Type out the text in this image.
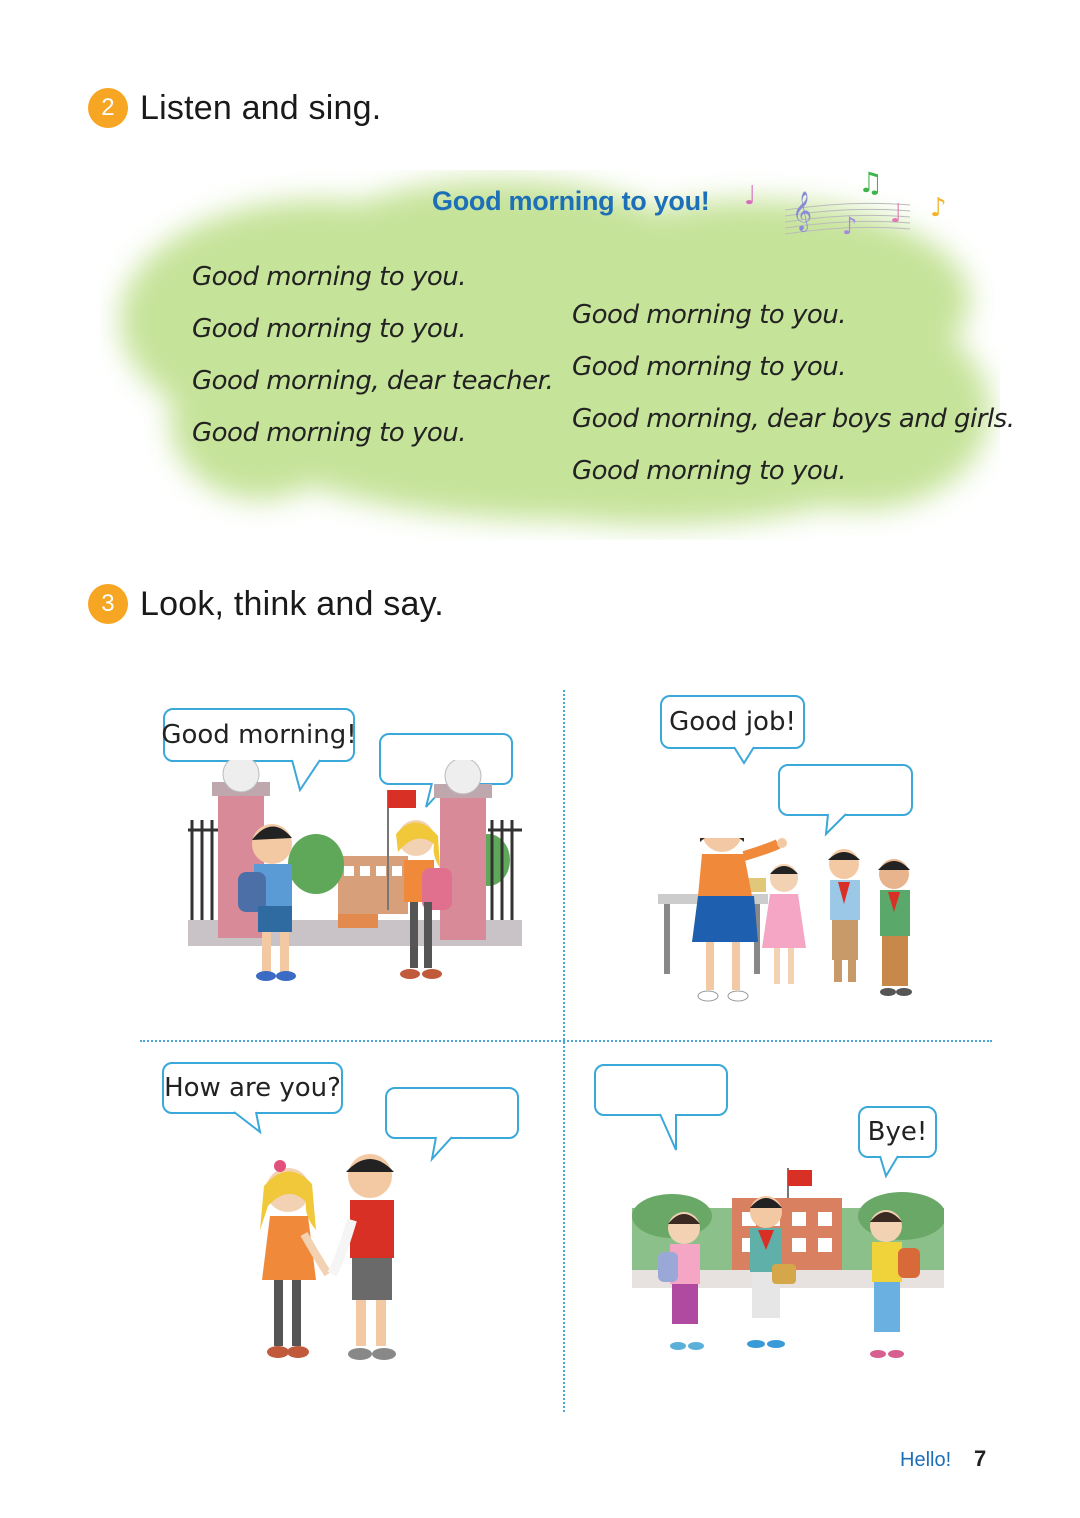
2 Listen and sing.
Good morning to you! 𝄞
♩	♫
♪ ♩ ♪
Good morning to you.
Good morning to you.
Good morning, dear teacher.
Good morning to you.
Good morning to you.
Good morning to you.
Good morning, dear boys and girls.
Good morning to you.
3 Look, think and say.
Good morning!	Good job!
How are you?
Bye!
Hello! 7
